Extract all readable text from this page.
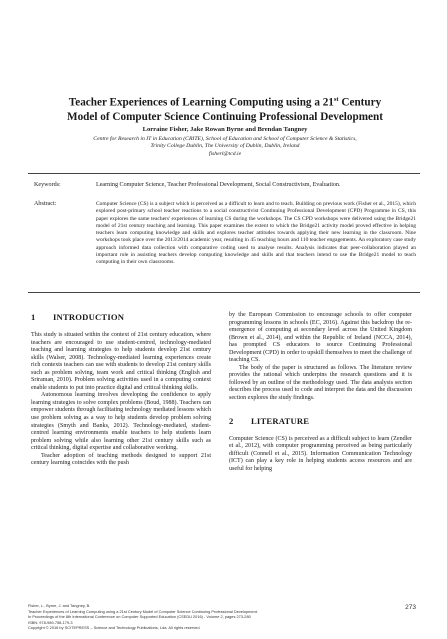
Teacher Experiences of Learning Computing using a 21st Century
Model of Computer Science Continuing Professional Development
Lorraine Fisher, Jake Rowan Byrne and Brendan Tangney
Centre for Research in IT in Education (CRITE), School of Education and School of Computer Science & Statistics,
Trinity College Dublin, The University of Dublin, Dublin, Ireland
fisherl@tcd.ie
Keywords:	Learning Computer Science, Teacher Professional Development, Social Constructivism, Evaluation.
Abstract:	Computer Science (CS) is a subject which is perceived as a difficult to learn and to teach. Building on previous work (Fisher et al., 2015), which explored post-primary school teacher reactions to a social constructivist Continuing Professional Development (CPD) Programme in CS, this paper explores the same teachers' experiences of learning CS during the workshops. The CS CPD workshops were delivered using the Bridge21 model of 21st century teaching and learning. This paper examines the extent to which the Bridge21 activity model proved effective in helping teachers learn computing knowledge and skills and explores teacher attitudes towards applying their new learning in the classroom. Nine workshops took place over the 2013/2014 academic year, resulting in 45 teaching hours and 110 teacher engagements. An exploratory case study approach informed data collection with comparative coding used to analyse results. Analysis indicates that peer-collaboration played an important role in assisting teachers develop computing knowledge and skills and that teachers intend to use the Bridge21 model to teach computing in their own classrooms.
1 INTRODUCTION

This study is situated within the context of 21st century education, where teachers are encouraged to use student-centred, technology-mediated teaching and learning strategies to help students develop 21st century skills (Walser, 2008). Technology-mediated learning experiences create rich contexts teachers can use with students to develop 21st century skills such as problem solving, team work and critical thinking (English and Sriraman, 2010). Problem solving activities used in a computing context enable students to put into practice digital and critical thinking skills.

Autonomous learning involves developing the confidence to apply learning strategies to solve complex problems (Boud, 1988). Teachers can empower students through facilitating technology mediated lessons which use problem solving as a way to help students develop problem solving strategies (Smyth and Banks, 2012). Technology-mediated, student-centred learning environments enable teachers to help students learn problem solving while also learning other 21st century skills such as critical thinking, digital expertise and collaborative working.

Teacher adoption of teaching methods designed to support 21st century learning coincides with the push

by the European Commission to encourage schools to offer computer programming lessons in schools (EC, 2016). Against this backdrop the re-emergence of computing at secondary level across the United Kingdom (Brown et al., 2014), and within the Republic of Ireland (NCCA, 2014), has prompted CS educators to source Continuing Professional Development (CPD) in order to upskill themselves to meet the challenge of teaching CS.

The body of the paper is structured as follows. The literature review provides the rational which underpins the research questions and it is followed by an outline of the methodology used. The data analysis section describes the process used to code and interpret the data and the discussion section explores the study findings.

2 LITERATURE

Computer Science (CS) is perceived as a difficult subject to learn (Zendler et al., 2012), with computer programming perceived as being particularly difficult (Connell et al., 2015). Information Communication Technology (ICT) can play a key role in helping students access resources and are useful for helping

Fisher, L., Byrne, J. and Tangney, B.
Teacher Experiences of Learning Computing using a 21st Century Model of Computer Science Continuing Professional Development.
In Proceedings of the 8th International Conference on Computer Supported Education (CSEDU 2016) - Volume 2, pages 273-280
ISBN: 978-989-758-179-3
Copyright © 2016 by SCITEPRESS – Science and Technology Publications, Lda. All rights reserved
273
